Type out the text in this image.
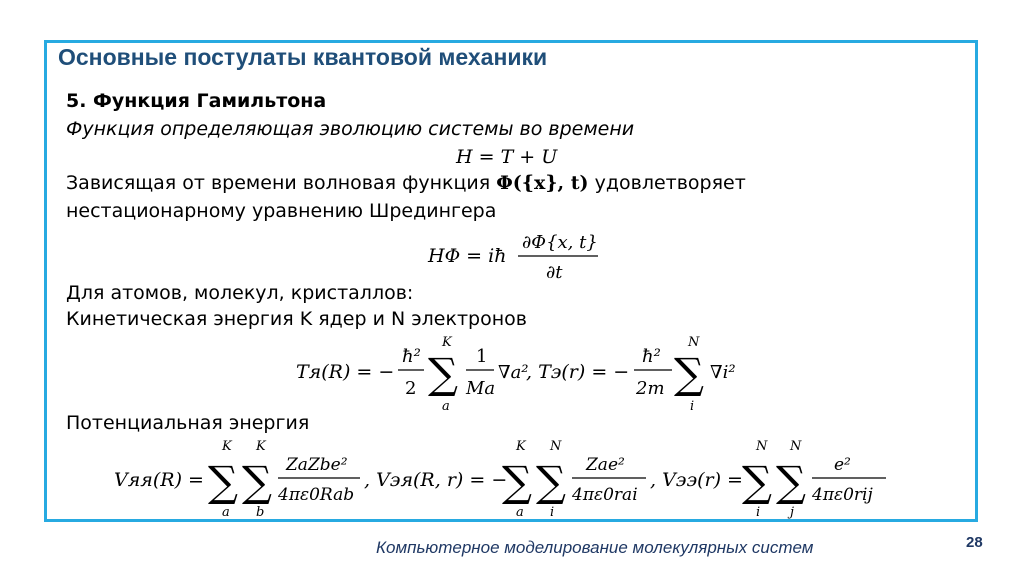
Основные постулаты квантовой механики
5. Функция Гамильтона
Функция определяющая эволюцию системы во времени
H = T + U
Зависящая от времени волновая функция Φ({x}, t) удовлетворяет
нестационарному уравнению Шредингера
HΦ = iħ
∂Φ{x, t}
∂t
Для атомов, молекул, кристаллов:
Кинетическая энергия K ядер и N электронов
Tя(R) = −
ħ²
2
K
∑
a
1
Ma
∇a²
, Tэ(r) = −
ħ²
2m
N
∑
i
∇i²
Потенциальная энергия
Vяя(R) =
K
∑
a
K
∑
b
ZaZbe²
4πε0Rab
, Vэя(R, r) = −
K
∑
a
N
∑
i
Zae²
4πε0rai
, Vээ(r) =
N
∑
i
N
∑
j
e²
4πε0rij
Компьютерное моделирование молекулярных систем	28
